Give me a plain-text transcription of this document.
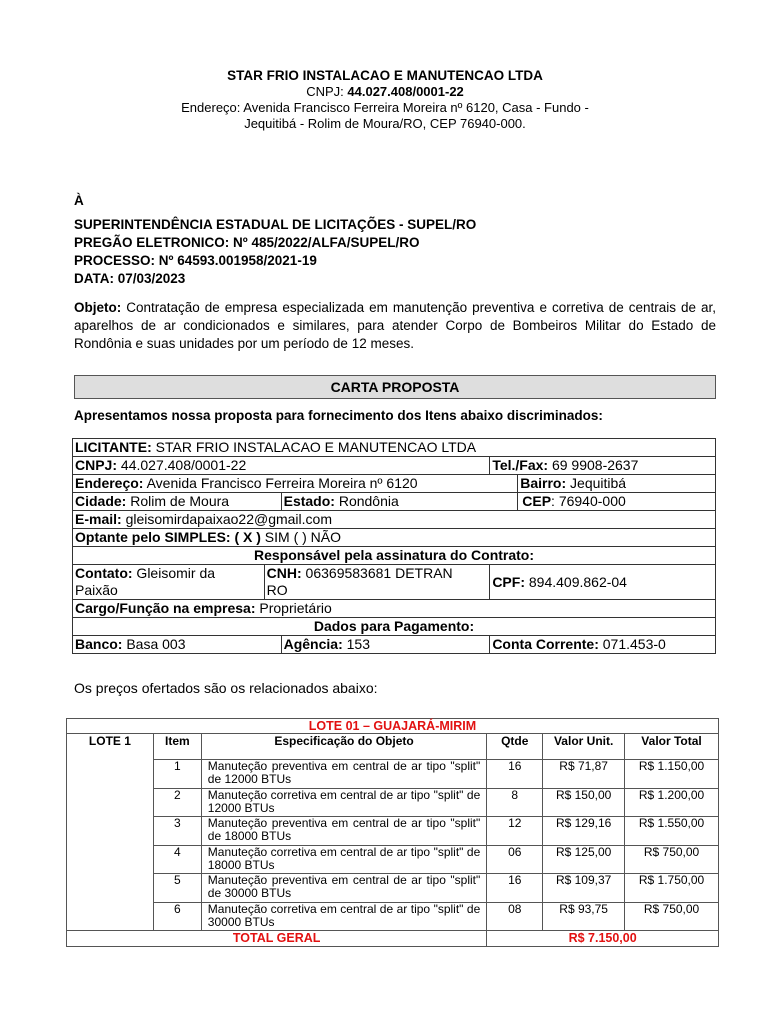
STAR FRIO INSTALACAO E MANUTENCAO LTDA
CNPJ: 44.027.408/0001-22
Endereço: Avenida Francisco Ferreira Moreira nº 6120, Casa - Fundo -
Jequitibá - Rolim de Moura/RO, CEP 76940-000.
À
SUPERINTENDÊNCIA ESTADUAL DE LICITAÇÕES - SUPEL/RO
PREGÃO ELETRONICO: Nº 485/2022/ALFA/SUPEL/RO
PROCESSO: Nº 64593.001958/2021-19
DATA: 07/03/2023
Objeto: Contratação de empresa especializada em manutenção preventiva e corretiva de centrais de ar, aparelhos de ar condicionados e similares, para atender Corpo de Bombeiros Militar do Estado de Rondônia e suas unidades por um período de 12 meses.
CARTA PROPOSTA
Apresentamos nossa proposta para fornecimento dos Itens abaixo discriminados:
LICITANTE: STAR FRIO INSTALACAO E MANUTENCAO LTDA				
CNPJ: 44.027.408/0001-22			Tel./Fax: 69 9908-2637	
Endereço: Avenida Francisco Ferreira Moreira nº 6120				Bairro: Jequitibá
Cidade: Rolim de Moura		Estado: Rondônia		CEP: 76940-000
E-mail: gleisomirdapaixao22@gmail.com				
Optante pelo SIMPLES: ( X ) SIM ( ) NÃO				
Responsável pela assinatura do Contrato:				
Contato: Gleisomir da Paixão	CNH: 06369583681 DETRAN RO		CPF: 894.409.862-04	
Cargo/Função na empresa: Proprietário				
Dados para Pagamento:				
Banco: Basa 003		Agência: 153	Conta Corrente: 071.453-0	
Os preços ofertados são os relacionados abaixo:
LOTE 01 – GUAJARÁ-MIRIM					
LOTE 1	Item	Especificação do Objeto	Qtde	Valor Unit.	Valor Total
	1	Manuteção preventiva em central de ar tipo "split" de 12000 BTUs	16	R$ 71,87	R$ 1.150,00
	2	Manuteção corretiva em central de ar tipo "split" de 12000 BTUs	8	R$ 150,00	R$ 1.200,00
	3	Manuteção preventiva em central de ar tipo "split" de 18000 BTUs	12	R$ 129,16	R$ 1.550,00
	4	Manuteção corretiva em central de ar tipo "split" de 18000 BTUs	06	R$ 125,00	R$ 750,00
	5	Manuteção preventiva em central de ar tipo "split" de 30000 BTUs	16	R$ 109,37	R$ 1.750,00
	6	Manuteção corretiva em central de ar tipo "split" de 30000 BTUs	08	R$ 93,75	R$ 750,00
TOTAL GERAL			R$ 7.150,00		
